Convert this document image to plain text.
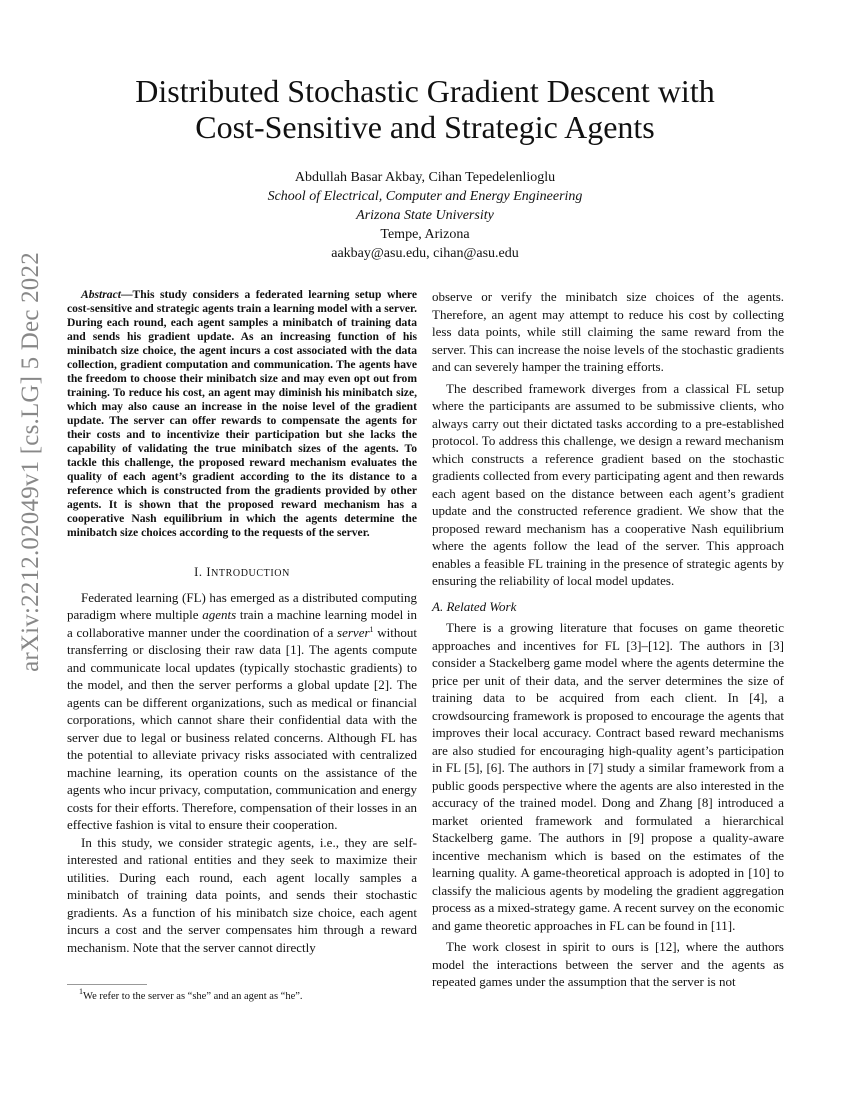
arXiv:2212.02049v1 [cs.LG] 5 Dec 2022
Distributed Stochastic Gradient Descent with
Cost-Sensitive and Strategic Agents
Abdullah Basar Akbay, Cihan Tepedelenlioglu
School of Electrical, Computer and Energy Engineering
Arizona State University
Tempe, Arizona
aakbay@asu.edu, cihan@asu.edu

Abstract—This study considers a federated learning setup where cost-sensitive and strategic agents train a learning model with a server. During each round, each agent samples a minibatch of training data and sends his gradient update. As an increasing function of his minibatch size choice, the agent incurs a cost associated with the data collection, gradient computation and communication. The agents have the freedom to choose their minibatch size and may even opt out from training. To reduce his cost, an agent may diminish his minibatch size, which may also cause an increase in the noise level of the gradient update. The server can offer rewards to compensate the agents for their costs and to incentivize their participation but she lacks the capability of validating the true minibatch sizes of the agents. To tackle this challenge, the proposed reward mechanism evaluates the quality of each agent’s gradient according to the its distance to a reference which is constructed from the gradients provided by other agents. It is shown that the proposed reward mechanism has a cooperative Nash equilibrium in which the agents determine the minibatch size choices according to the requests of the server.

I. INTRODUCTION

Federated learning (FL) has emerged as a distributed computing paradigm where multiple agents train a machine learning model in a collaborative manner under the coordination of a server$^1$ without transferring or disclosing their raw data [1]. The agents compute and communicate local updates (typically stochastic gradients) to the model, and then the server performs a global update [2]. The agents can be different organizations, such as medical or financial corporations, which cannot share their confidential data with the server due to legal or business related concerns. Although FL has the potential to alleviate privacy risks associated with centralized machine learning, its operation counts on the assistance of the agents who incur privacy, computation, communication and energy costs for their efforts. Therefore, compensation of their losses in an effective fashion is vital to ensure their cooperation.

In this study, we consider strategic agents, i.e., they are self-interested and rational entities and they seek to maximize their utilities. During each round, each agent locally samples a minibatch of training data points, and sends their stochastic gradients. As a function of his minibatch size choice, each agent incurs a cost and the server compensates him through a reward mechanism. Note that the server cannot directly

$^1$We refer to the server as “she” and an agent as “he”.

observe or verify the minibatch size choices of the agents. Therefore, an agent may attempt to reduce his cost by collecting less data points, while still claiming the same reward from the server. This can increase the noise levels of the stochastic gradients and can severely hamper the training efforts.

The described framework diverges from a classical FL setup where the participants are assumed to be submissive clients, who always carry out their dictated tasks according to a pre-established protocol. To address this challenge, we design a reward mechanism which constructs a reference gradient based on the stochastic gradients collected from every participating agent and then rewards each agent based on the distance between each agent’s gradient update and the constructed reference gradient. We show that the proposed reward mechanism has a cooperative Nash equilibrium where the agents follow the lead of the server. This approach enables a feasible FL training in the presence of strategic agents by ensuring the reliability of local model updates.

A. Related Work

There is a growing literature that focuses on game theoretic approaches and incentives for FL [3]–[12]. The authors in [3] consider a Stackelberg game model where the agents determine the price per unit of their data, and the server determines the size of training data to be acquired from each client. In [4], a crowdsourcing framework is proposed to encourage the agents that improves their local accuracy. Contract based reward mechanisms are also studied for encouraging high-quality agent’s participation in FL [5], [6]. The authors in [7] study a similar framework from a public goods perspective where the agents are also interested in the accuracy of the trained model. Dong and Zhang [8] introduced a market oriented framework and formulated a hierarchical Stackelberg game. The authors in [9] propose a quality-aware incentive mechanism which is based on the estimates of the learning quality. A game-theoretical approach is adopted in [10] to classify the malicious agents by modeling the gradient aggregation process as a mixed-strategy game. A recent survey on the economic and game theoretic approaches in FL can be found in [11].

The work closest in spirit to ours is [12], where the authors model the interactions between the server and the agents as repeated games under the assumption that the server is not
